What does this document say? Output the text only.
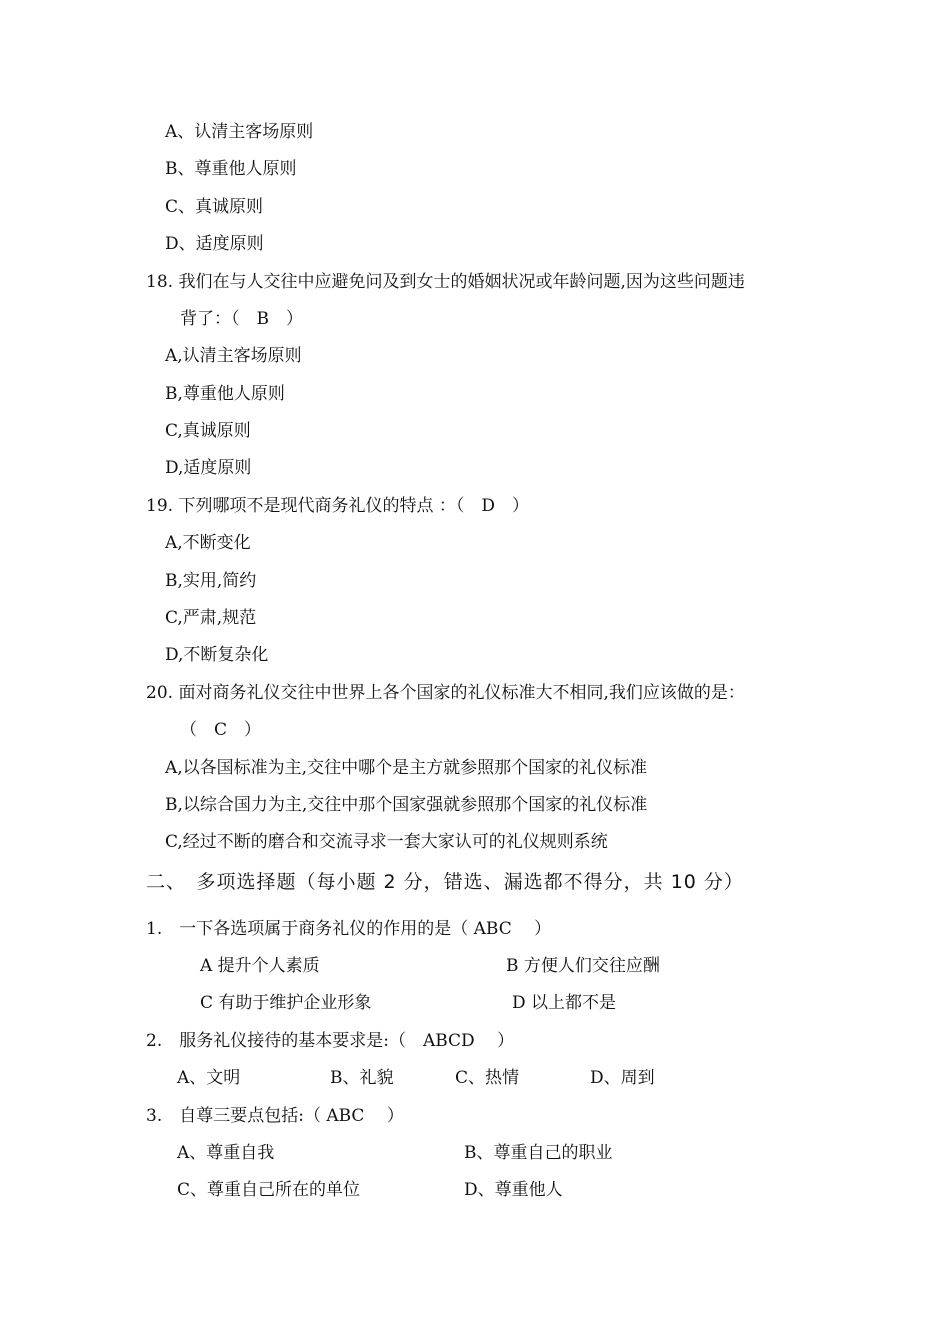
A、认清主客场原则
B、尊重他人原则
C、真诚原则
D、适度原则
18. 我们在与人交往中应避免问及到女士的婚姻状况或年龄问题,因为这些问题违
背了：（　B　）
A,认清主客场原则
B,尊重他人原则
C,真诚原则
D,适度原则
19. 下列哪项不是现代商务礼仪的特点 ：（　D　）
A,不断变化
B,实用,简约
C,严肃,规范
D,不断复杂化
20. 面对商务礼仪交往中世界上各个国家的礼仪标准大不相同,我们应该做的是：
（　C　）
A,以各国标准为主,交往中哪个是主方就参照那个国家的礼仪标准
B,以综合国力为主,交往中那个国家强就参照那个国家的礼仪标准
C,经过不断的磨合和交流寻求一套大家认可的礼仪规则系统
二、　多项选择题（每小题 2 分，错选、漏选都不得分，共 10 分）
1.　一下各选项属于商务礼仪的作用的是（ ABC　 ）
A 提升个人素质	B 方便人们交往应酬
C 有助于维护企业形象	D 以上都不是
2.　服务礼仪接待的基本要求是:（　ABCD　 ）
A、文明	B、礼貌	C、热情	D、周到
3.　自尊三要点包括:（ ABC　 ）
A、尊重自我	B、尊重自己的职业
C、尊重自己所在的单位	D、尊重他人
